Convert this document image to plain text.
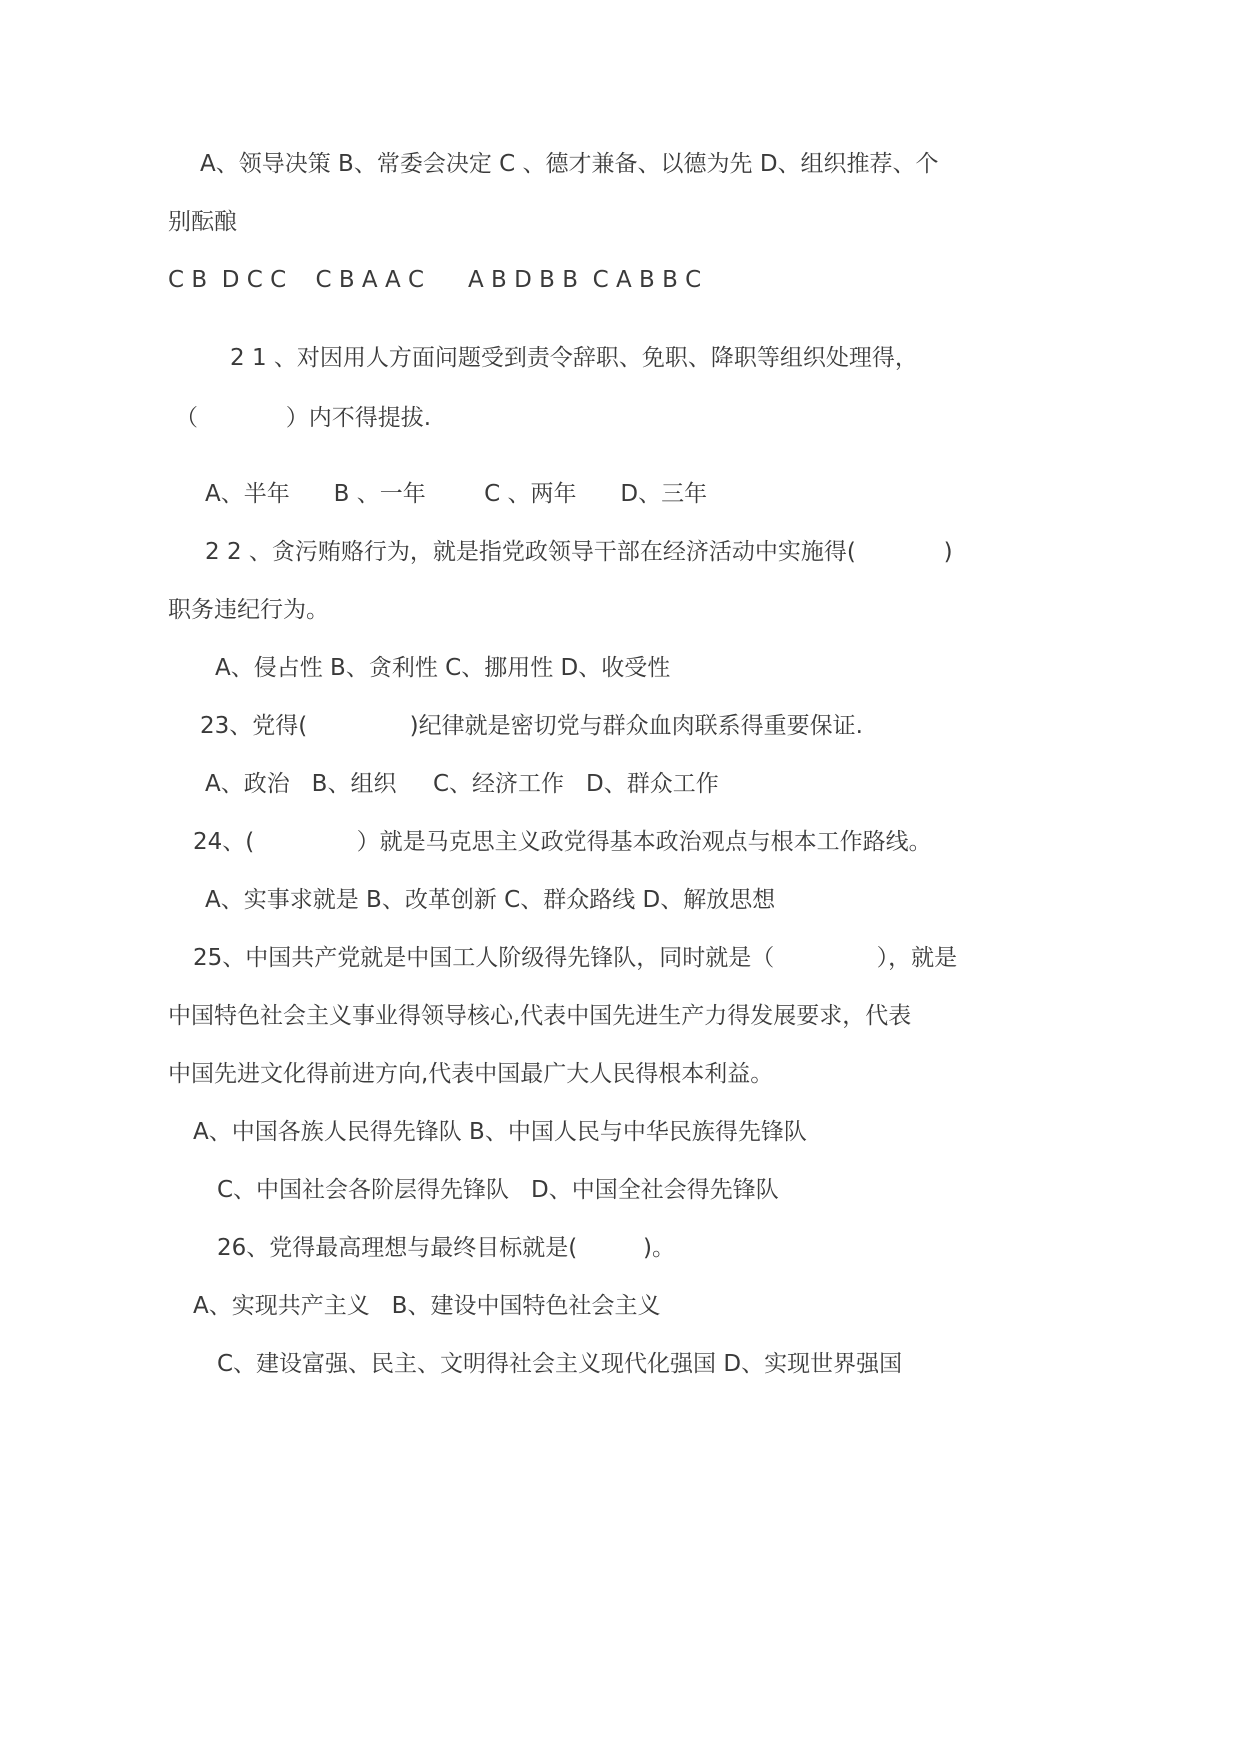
A、领导决策 B、常委会决定 C 、德才兼备、以德为先 D、组织推荐、个
别酝酿
C B  D C C    C B A A C      A B D B B  C A B B C
2 1 、对因用人方面问题受到责令辞职、免职、降职等组织处理得，
（            ）内不得提拔.
A、半年      B 、一年        C 、两年      D、三年
2 2 、贪污贿赂行为，就是指党政领导干部在经济活动中实施得(            )
职务违纪行为。
A、侵占性 B、贪利性 C、挪用性 D、收受性
23、党得(              )纪律就是密切党与群众血肉联系得重要保证.
A、政治   B、组织     C、经济工作   D、群众工作
24、(              ）就是马克思主义政党得基本政治观点与根本工作路线。
A、实事求就是 B、改革创新 C、群众路线 D、解放思想
25、中国共产党就是中国工人阶级得先锋队，同时就是（              ），就是
中国特色社会主义事业得领导核心,代表中国先进生产力得发展要求，代表
中国先进文化得前进方向,代表中国最广大人民得根本利益。
A、中国各族人民得先锋队 B、中国人民与中华民族得先锋队
C、中国社会各阶层得先锋队   D、中国全社会得先锋队
26、党得最高理想与最终目标就是(         )。
A、实现共产主义   B、建设中国特色社会主义
C、建设富强、民主、文明得社会主义现代化强国 D、实现世界强国
